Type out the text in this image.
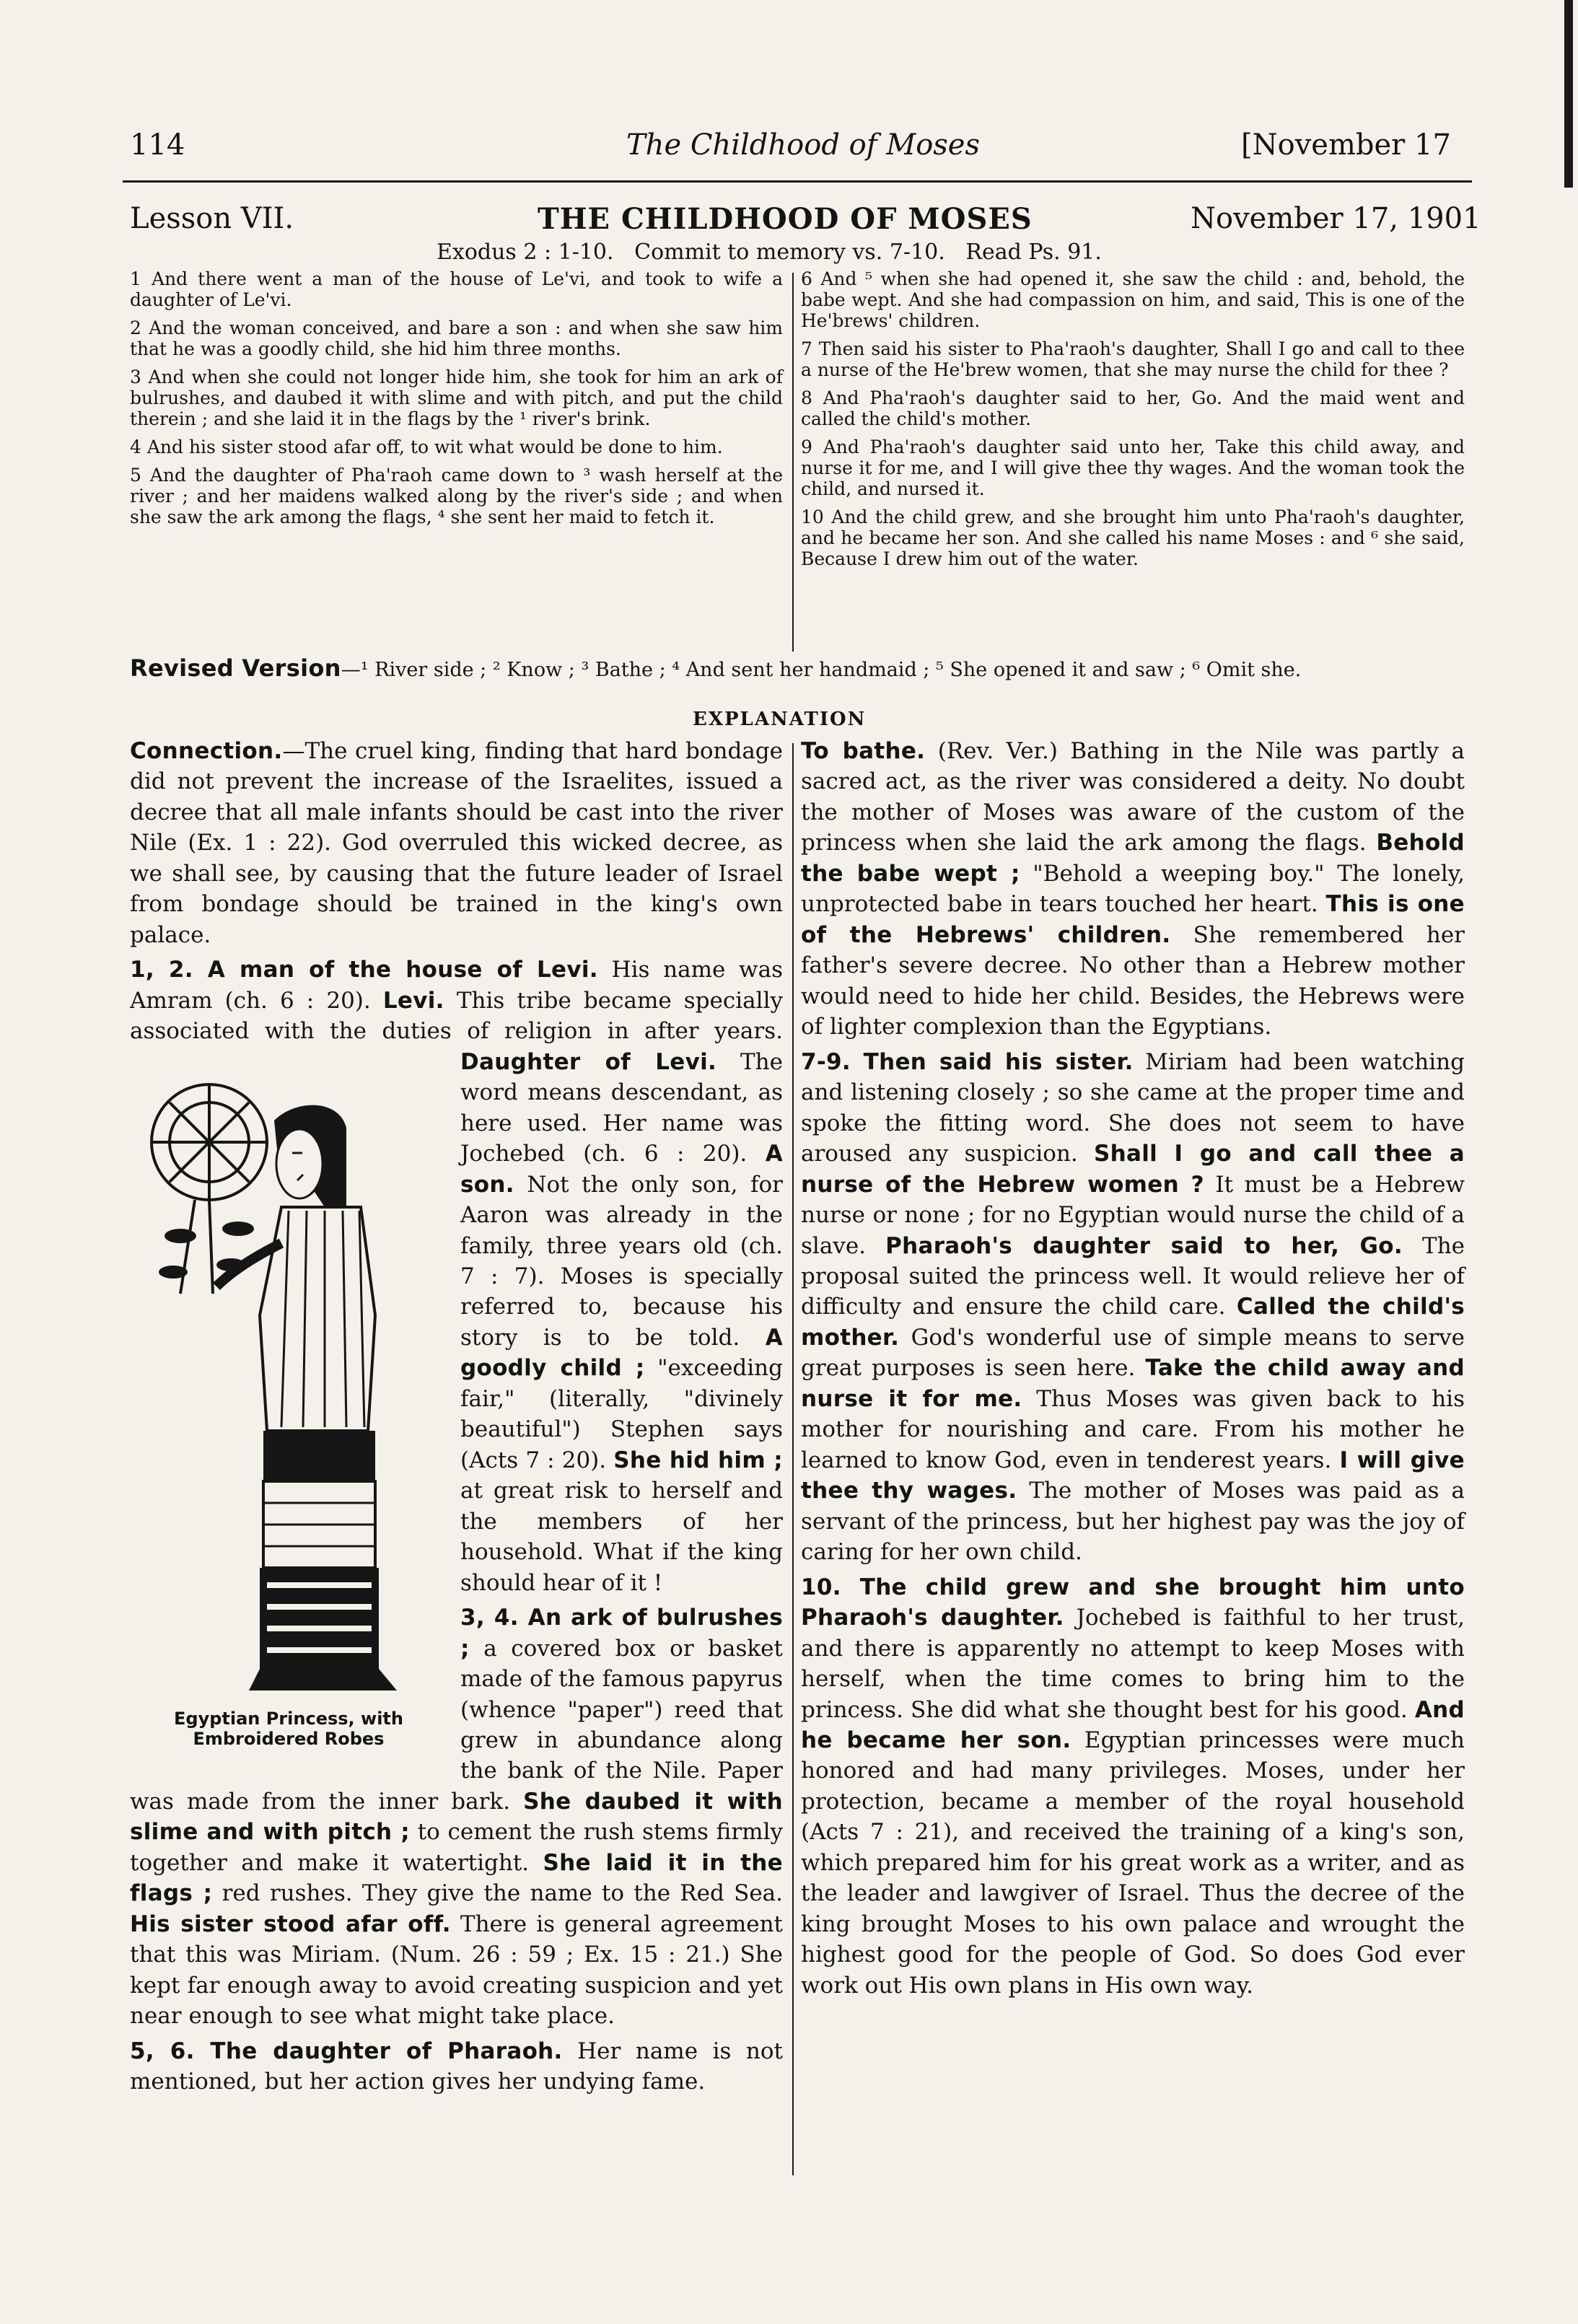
114	The Childhood of Moses	[November 17
Lesson VII.	THE CHILDHOOD OF MOSES	November 17, 1901
Exodus 2 : 1-10.   Commit to memory vs. 7-10.   Read Ps. 91.

1 And there went a man of the house of Le'vi, and took to wife a daughter of Le'vi.

2 And the woman conceived, and bare a son : and when she saw him that he was a goodly child, she hid him three months.

3 And when she could not longer hide him, she took for him an ark of bulrushes, and daubed it with slime and with pitch, and put the child therein ; and she laid it in the flags by the ¹ river's brink.

4 And his sister stood afar off, to wit what would be done to him.

5 And the daughter of Pha'raoh came down to ³ wash herself at the river ; and her maidens walked along by the river's side ; and when she saw the ark among the flags, ⁴ she sent her maid to fetch it.

6 And ⁵ when she had opened it, she saw the child : and, behold, the babe wept. And she had compassion on him, and said, This is one of the He'brews' children.

7 Then said his sister to Pha'raoh's daughter, Shall I go and call to thee a nurse of the He'brew women, that she may nurse the child for thee ?

8 And Pha'raoh's daughter said to her, Go. And the maid went and called the child's mother.

9 And Pha'raoh's daughter said unto her, Take this child away, and nurse it for me, and I will give thee thy wages. And the woman took the child, and nursed it.

10 And the child grew, and she brought him unto Pha'raoh's daughter, and he became her son. And she called his name Moses : and ⁶ she said, Because I drew him out of the water.

Revised Version—¹ River side ; ² Know ; ³ Bathe ; ⁴ And sent her handmaid ; ⁵ She opened it and saw ; ⁶ Omit she.
EXPLANATION

Connection.—The cruel king, finding that hard bondage did not prevent the increase of the Israelites, issued a decree that all male infants should be cast into the river Nile (Ex. 1 : 22). God overruled this wicked decree, as we shall see, by causing that the future leader of Israel from bondage should be trained in the king's own palace.

1, 2. A man of the house of Levi. His name was Amram (ch. 6 : 20). Levi. This tribe became specially associated with the duties of religion in after years.
Egyptian Princess, with
Embroidered Robes
Daughter of Levi. The word means descendant, as here used. Her name was Jochebed (ch. 6 : 20). A son. Not the only son, for Aaron was already in the family, three years old (ch. 7 : 7). Moses is specially referred to, because his story is to be told. A goodly child ; "exceeding fair," (literally, "divinely beautiful") Stephen says (Acts 7 : 20). She hid him ; at great risk to herself and the members of her household. What if the king should hear of it !

3, 4. An ark of bulrushes ; a covered box or basket made of the famous papyrus (whence "paper") reed that grew in abundance along the bank of the Nile. Paper was made from the inner bark. She daubed it with slime and with pitch ; to cement the rush stems firmly together and make it watertight. She laid it in the flags ; red rushes. They give the name to the Red Sea. His sister stood afar off. There is general agreement that this was Miriam. (Num. 26 : 59 ; Ex. 15 : 21.) She kept far enough away to avoid creating suspicion and yet near enough to see what might take place.

5, 6. The daughter of Pharaoh. Her name is not mentioned, but her action gives her undying fame.

To bathe. (Rev. Ver.) Bathing in the Nile was partly a sacred act, as the river was considered a deity. No doubt the mother of Moses was aware of the custom of the princess when she laid the ark among the flags. Behold the babe wept ; "Behold a weeping boy." The lonely, unprotected babe in tears touched her heart. This is one of the Hebrews' children. She remembered her father's severe decree. No other than a Hebrew mother would need to hide her child. Besides, the Hebrews were of lighter complexion than the Egyptians.

7-9. Then said his sister. Miriam had been watching and listening closely ; so she came at the proper time and spoke the fitting word. She does not seem to have aroused any suspicion. Shall I go and call thee a nurse of the Hebrew women ? It must be a Hebrew nurse or none ; for no Egyptian would nurse the child of a slave. Pharaoh's daughter said to her, Go. The proposal suited the princess well. It would relieve her of difficulty and ensure the child care. Called the child's mother. God's wonderful use of simple means to serve great purposes is seen here. Take the child away and nurse it for me. Thus Moses was given back to his mother for nourishing and care. From his mother he learned to know God, even in tenderest years. I will give thee thy wages. The mother of Moses was paid as a servant of the princess, but her highest pay was the joy of caring for her own child.

10. The child grew and she brought him unto Pharaoh's daughter. Jochebed is faithful to her trust, and there is apparently no attempt to keep Moses with herself, when the time comes to bring him to the princess. She did what she thought best for his good. And he became her son. Egyptian princesses were much honored and had many privileges. Moses, under her protection, became a member of the royal household (Acts 7 : 21), and received the training of a king's son, which prepared him for his great work as a writer, and as the leader and lawgiver of Israel. Thus the decree of the king brought Moses to his own palace and wrought the highest good for the people of God. So does God ever work out His own plans in His own way.
